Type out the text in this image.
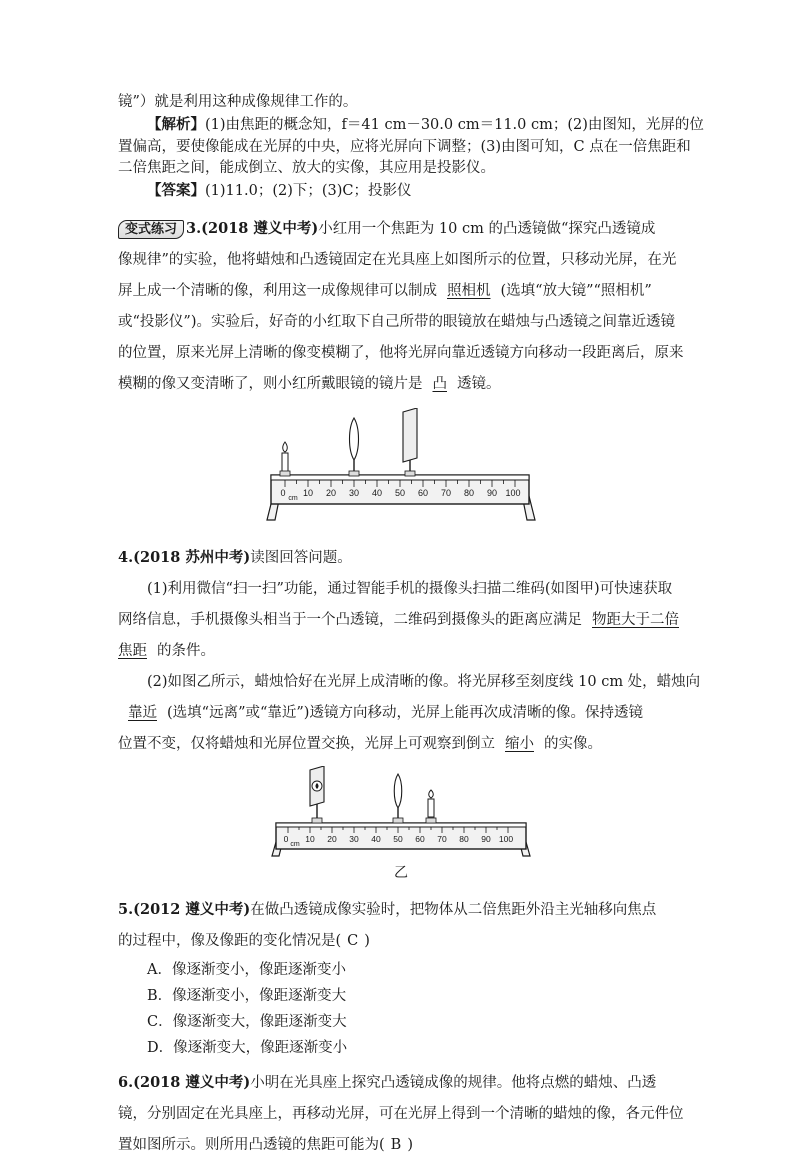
镜”）就是利用这种成像规律工作的。

【解析】(1)由焦距的概念知，f＝41 cm－30.0 cm＝11.0 cm；(2)由图知，光屏的位

置偏高，要使像能成在光屏的中央，应将光屏向下调整；(3)由图可知，C 点在一倍焦距和

二倍焦距之间，能成倒立、放大的实像，其应用是投影仪。

【答案】(1)11.0；(2)下；(3)C；投影仪

变式练习 3.(2018 遵义中考)小红用一个焦距为 10 cm 的凸透镜做“探究凸透镜成

像规律”的实验，他将蜡烛和凸透镜固定在光具座上如图所示的位置，只移动光屏，在光

屏上成一个清晰的像，利用这一成像规律可以制成 照相机 (选填“放大镜”“照相机”

或“投影仪”)。实验后，好奇的小红取下自己所带的眼镜放在蜡烛与凸透镜之间靠近透镜

的位置，原来光屏上清晰的像变模糊了，他将光屏向靠近透镜方向移动一段距离后，原来

模糊的像又变清晰了，则小红所戴眼镜的镜片是 凸 透镜。

0
cm
10 20 30 40 50 60 70 80 90 100

4.(2018 苏州中考)读图回答问题。

(1)利用微信“扫一扫”功能，通过智能手机的摄像头扫描二维码(如图甲)可快速获取

网络信息，手机摄像头相当于一个凸透镜，二维码到摄像头的距离应满足 物距大于二倍

焦距 的条件。

(2)如图乙所示，蜡烛恰好在光屏上成清晰的像。将光屏移至刻度线 10 cm 处，蜡烛向

靠近 (选填“远离”或“靠近”)透镜方向移动，光屏上能再次成清晰的像。保持透镜

位置不变，仅将蜡烛和光屏位置交换，光屏上可观察到倒立 缩小 的实像。

0
cm
10 20 30 40 50 60 70 80 90 100

乙

5.(2012 遵义中考)在做凸透镜成像实验时，把物体从二倍焦距外沿主光轴移向焦点

的过程中，像及像距的变化情况是( C )

A．像逐渐变小，像距逐渐变小

B．像逐渐变小，像距逐渐变大

C．像逐渐变大，像距逐渐变大

D．像逐渐变大，像距逐渐变小

6.(2018 遵义中考)小明在光具座上探究凸透镜成像的规律。他将点燃的蜡烛、凸透

镜，分别固定在光具座上，再移动光屏，可在光屏上得到一个清晰的蜡烛的像，各元件位

置如图所示。则所用凸透镜的焦距可能为( B )
